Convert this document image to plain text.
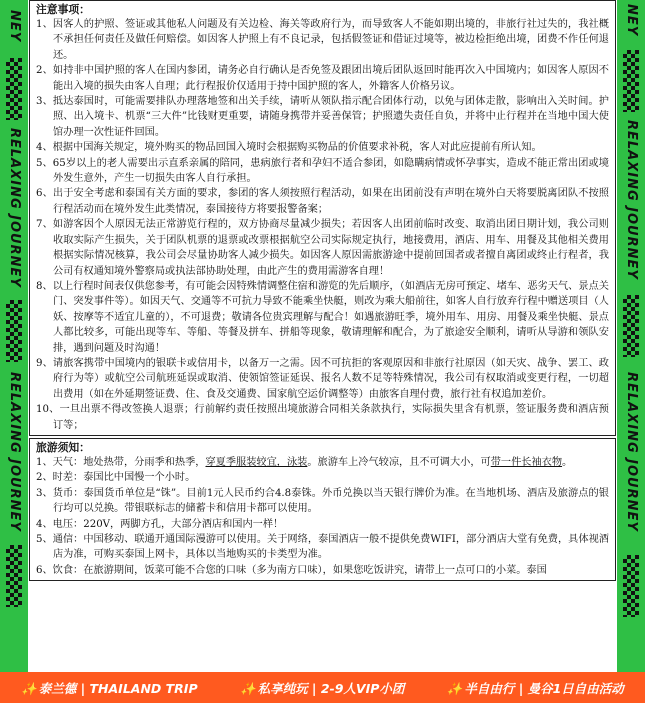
NEY
RELAXING JOURNEY
RELAXING JOURNEY
NEY
RELAXING JOURNEY
RELAXING JOURNEY
注意事项：
1、因客人的护照、签证或其他私人问题及有关边检、海关等政府行为，而导致客人不能如期出境的，非旅行社过失的，我社概不承担任何责任及做任何赔偿。如因客人护照上有不良记录，包括假签证和借证过境等，被边检拒绝出境，团费不作任何退还。
2、如持非中国护照的客人在国内参团，请务必自行确认是否免签及跟团出境后团队返回时能再次入中国境内；如因客人原因不能出入境的损失由客人自理；此行程报价仅适用于持中国护照的客人，外籍客人价格另议。
3、抵达泰国时，可能需要排队办理落地签和出关手续，请听从领队指示配合团体行动，以免与团体走散，影响出入关时间。护照、出入境卡、机票“三大件”比钱财更重要，请随身携带并妥善保管；护照遗失责任自负，并将中止行程并在当地中国大使馆办理一次性证件回国。
4、根据中国海关规定，境外购买的物品回国入境时会根据购买物品的价值要求补税，客人对此应提前有所认知。
5、65岁以上的老人需要出示直系亲属的陪同，患病旅行者和孕妇不适合参团，如隐瞒病情或怀孕事实，造成不能正常出团或境外发生意外，产生一切损失由客人自行承担。
6、出于安全考虑和泰国有关方面的要求，参团的客人须按照行程活动，如果在出团前没有声明在境外白天将要脱离团队不按照行程活动而在境外发生此类情况，泰国接待方将要报警备案；
7、如游客因个人原因无法正常游览行程的，双方协商尽量减少损失；若因客人出团前临时改变、取消出团日期计划，我公司则收取实际产生损失，关于团队机票的退票或改票根据航空公司实际规定执行，地接费用，酒店、用车、用餐及其他相关费用根据实际情况核算，我公司会尽量协助客人减少损失。如因客人原因需旅游途中提前回国者或者擅自离团或终止行程者，我公司有权通知境外警察局或执法部协助处理，由此产生的费用需游客自理！
8、以上行程时间表仅供您参考，有可能会因特殊情调整住宿和游览的先后顺序，（如酒店无房可预定、堵车、恶劣天气、景点关门、突发事件等）。如因天气、交通等不可抗力导致不能乘坐快艇，则改为乘大船前往，如客人自行放弃行程中赠送项目（人妖、按摩等不适宜儿童的），不可退费；敬请各位贵宾理解与配合！如遇旅游旺季，境外用车、用房、用餐及乘坐快艇、景点人都比较多，可能出现等车、等船、等餐及拼车、拼船等现象，敬请理解和配合，为了旅途安全顺利，请听从导游和领队安排，遇到问题及时沟通！
9、请旅客携带中国境内的银联卡或信用卡，以备万一之需。因不可抗拒的客观原因和非旅行社原因（如天灾、战争、罢工、政府行为等）或航空公司航班延误或取消、使领馆签证延误、报名人数不足等特殊情况，我公司有权取消或变更行程，一切超出费用（如在外延期签证费、住、食及交通费、国家航空运价调整等）由旅客自理付费，旅行社有权追加差价。
10、一旦出票不得改签换人退票；行前解约责任按照出境旅游合同相关条款执行，实际损失里含有机票，签证服务费和酒店预订等；
旅游须知：
1、天气：地处热带，分雨季和热季，穿夏季服装较宜，泳装。旅游车上冷气较凉，且不可调大小，可带一件长袖衣物。
2、时差：泰国比中国慢一个小时。
3、货币：泰国货币单位是“铢”。目前1元人民币约合4.8泰铢。外币兑换以当天银行牌价为准。在当地机场、酒店及旅游点的银行均可以兑换。带银联标志的储蓄卡和信用卡都可以使用。
4、电压：220V，两脚方孔，大部分酒店和国内一样！
5、通信：中国移动、联通开通国际漫游可以使用。关于网络，泰国酒店一般不提供免费WIFI，部分酒店大堂有免费，具体视酒店为准，可购买泰国上网卡，具体以当地购买的卡类型为准。
6、饮食：在旅游期间，饭菜可能不合您的口味（多为南方口味），如果您吃饭讲究，请带上一点可口的小菜。泰国
✨ 泰兰德 | THAILAND TRIP	✨ 私享纯玩 | 2-9人VIP小团	✨ 半自由行 | 曼谷1日自由活动
